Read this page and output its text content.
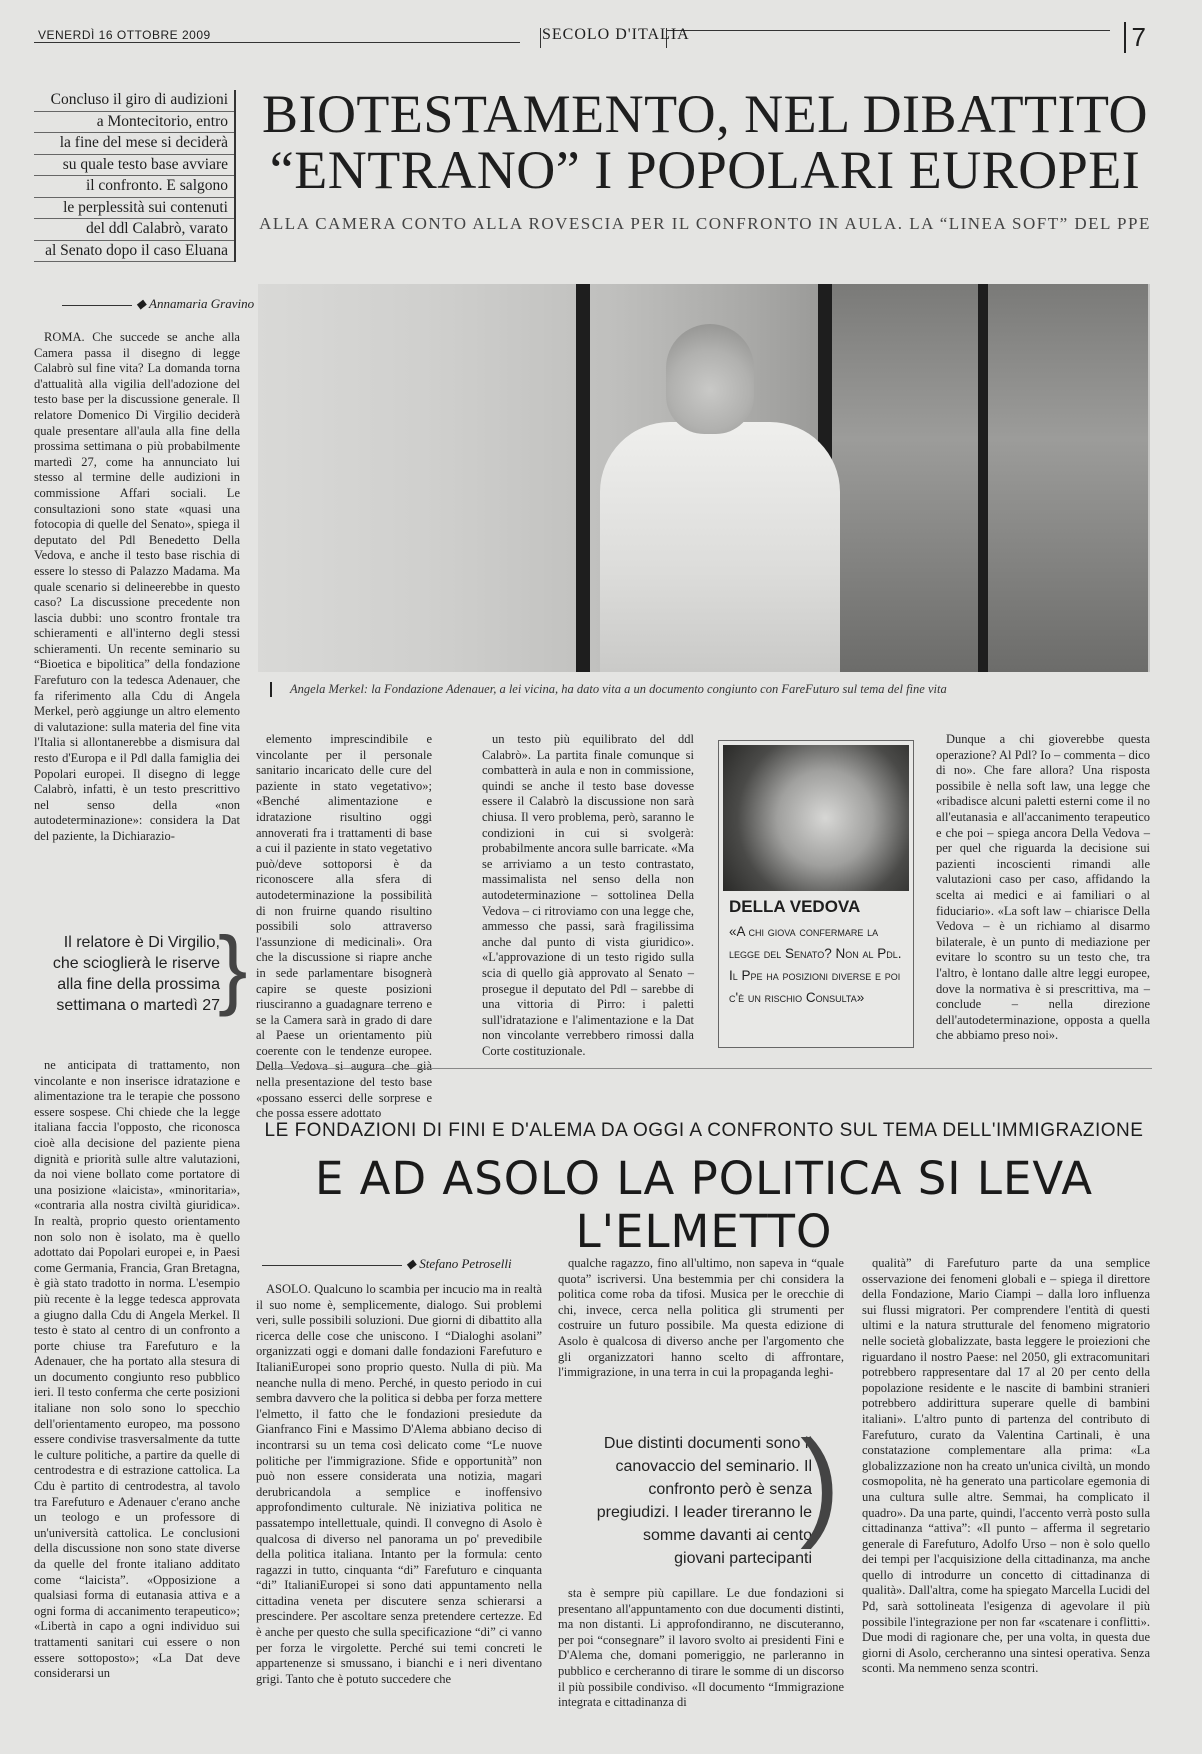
VENERDÌ 16 OTTOBRE 2009	SECOLO D'ITALIA	7
Concluso il giro di audizioni
a Montecitorio, entro
la fine del mese si deciderà
su quale testo base avviare
il confronto. E salgono
le perplessità sui contenuti
del ddl Calabrò, varato
al Senato dopo il caso Eluana
BIOTESTAMENTO, NEL DIBATTITO
“ENTRANO” I POPOLARI EUROPEI
ALLA CAMERA CONTO ALLA ROVESCIA PER IL CONFRONTO IN AULA. LA “LINEA SOFT” DEL PPE
◆ Annamaria Gravino

ROMA. Che succede se anche alla Camera passa il disegno di legge Calabrò sul fine vita? La domanda torna d'attualità alla vigilia dell'adozione del testo base per la discussione generale. Il relatore Domenico Di Virgilio deciderà quale presentare all'aula alla fine della prossima settimana o più probabilmente martedì 27, come ha annunciato lui stesso al termine delle audizioni in commissione Affari sociali. Le consultazioni sono state «quasi una fotocopia di quelle del Senato», spiega il deputato del Pdl Benedetto Della Vedova, e anche il testo base rischia di essere lo stesso di Palazzo Madama. Ma quale scenario si delineerebbe in questo caso? La discussione precedente non lascia dubbi: uno scontro frontale tra schieramenti e all'interno degli stessi schieramenti. Un recente seminario su “Bioetica e bipolitica” della fondazione Farefuturo con la tedesca Adenauer, che fa riferimento alla Cdu di Angela Merkel, però aggiunge un altro elemento di valutazione: sulla materia del fine vita l'Italia si allontanerebbe a dismisura dal resto d'Europa e il Pdl dalla famiglia dei Popolari europei. Il disegno di legge Calabrò, infatti, è un testo prescrittivo nel senso della «non autodeterminazione»: considera la Dat del paziente, la Dichiarazio-

Il relatore è Di Virgilio, che scioglierà le riserve alla fine della prossima settimana o martedì 27
}

ne anticipata di trattamento, non vincolante e non inserisce idratazione e alimentazione tra le terapie che possono essere sospese. Chi chiede che la legge italiana faccia l'opposto, che riconosca cioè alla decisione del paziente piena dignità e priorità sulle altre valutazioni, da noi viene bollato come portatore di una posizione «laicista», «minoritaria», «contraria alla nostra civiltà giuridica». In realtà, proprio questo orientamento non solo non è isolato, ma è quello adottato dai Popolari europei e, in Paesi come Germania, Francia, Gran Bretagna, è già stato tradotto in norma. L'esempio più recente è la legge tedesca approvata a giugno dalla Cdu di Angela Merkel. Il testo è stato al centro di un confronto a porte chiuse tra Farefuturo e la Adenauer, che ha portato alla stesura di un documento congiunto reso pubblico ieri. Il testo conferma che certe posizioni italiane non solo sono lo specchio dell'orientamento europeo, ma possono essere condivise trasversalmente da tutte le culture politiche, a partire da quelle di centrodestra e di estrazione cattolica. La Cdu è partito di centrodestra, al tavolo tra Farefuturo e Adenauer c'erano anche un teologo e un professore di un'università cattolica. Le conclusioni della discussione non sono state diverse da quelle del fronte italiano additato come “laicista”. «Opposizione a qualsiasi forma di eutanasia attiva e a ogni forma di accanimento terapeutico»; «Libertà in capo a ogni individuo sui trattamenti sanitari cui essere o non essere sottoposto»; «La Dat deve considerarsi un

Angela Merkel: la Fondazione Adenauer, a lei vicina, ha dato vita a un documento congiunto con FareFuturo sul tema del fine vita

elemento imprescindibile e vincolante per il personale sanitario incaricato delle cure del paziente in stato vegetativo»; «Benché alimentazione e idratazione risultino oggi annoverati fra i trattamenti di base a cui il paziente in stato vegetativo può/deve sottoporsi è da riconoscere alla sfera di autodeterminazione la possibilità di non fruirne quando risultino possibili solo attraverso l'assunzione di medicinali». Ora che la discussione si riapre anche in sede parlamentare bisognerà capire se queste posizioni riusciranno a guadagnare terreno e se la Camera sarà in grado di dare al Paese un orientamento più coerente con le tendenze europee. Della Vedova si augura che già nella presentazione del testo base «possano esserci delle sorprese e che possa essere adottato

un testo più equilibrato del ddl Calabrò». La partita finale comunque si combatterà in aula e non in commissione, quindi se anche il testo base dovesse essere il Calabrò la discussione non sarà chiusa. Il vero problema, però, saranno le condizioni in cui si svolgerà: probabilmente ancora sulle barricate. «Ma se arriviamo a un testo contrastato, massimalista nel senso della non autodeterminazione – sottolinea Della Vedova – ci ritroviamo con una legge che, ammesso che passi, sarà fragilissima anche dal punto di vista giuridico». «L'approvazione di un testo rigido sulla scia di quello già approvato al Senato – prosegue il deputato del Pdl – sarebbe di una vittoria di Pirro: i paletti sull'idratazione e l'alimentazione e la Dat non vincolante verrebbero rimossi dalla Corte costituzionale.

DELLA VEDOVA
«A chi giova confermare la legge del Senato? Non al Pdl. Il Ppe ha posizioni diverse e poi c'è un rischio Consulta»

Dunque a chi gioverebbe questa operazione? Al Pdl? Io – commenta – dico di no». Che fare allora? Una risposta possibile è nella soft law, una legge che «ribadisce alcuni paletti esterni come il no all'eutanasia e all'accanimento terapeutico e che poi – spiega ancora Della Vedova – per quel che riguarda la decisione sui pazienti incoscienti rimandi alle valutazioni caso per caso, affidando la scelta ai medici e ai familiari o al fiduciario». «La soft law – chiarisce Della Vedova – è un richiamo al disarmo bilaterale, è un punto di mediazione per evitare lo scontro su un testo che, tra l'altro, è lontano dalle altre leggi europee, dove la normativa è si prescrittiva, ma – conclude – nella direzione dell'autodeterminazione, opposta a quella che abbiamo preso noi».

LE FONDAZIONI DI FINI E D'ALEMA DA OGGI A CONFRONTO SUL TEMA DELL'IMMIGRAZIONE
E AD ASOLO LA POLITICA SI LEVA L'ELMETTO
◆ Stefano Petroselli

ASOLO. Qualcuno lo scambia per incucio ma in realtà il suo nome è, semplicemente, dialogo. Sui problemi veri, sulle possibili soluzioni. Due giorni di dibattito alla ricerca delle cose che uniscono. I “Dialoghi asolani” organizzati oggi e domani dalle fondazioni Farefuturo e ItalianiEuropei sono proprio questo. Nulla di più. Ma neanche nulla di meno. Perché, in questo periodo in cui sembra davvero che la politica si debba per forza mettere l'elmetto, il fatto che le fondazioni presiedute da Gianfranco Fini e Massimo D'Alema abbiano deciso di incontrarsi su un tema così delicato come “Le nuove politiche per l'immigrazione. Sfide e opportunità” non può non essere considerata una notizia, magari derubricandola a semplice e inoffensivo approfondimento culturale. Nè iniziativa politica ne passatempo intellettuale, quindi. Il convegno di Asolo è qualcosa di diverso nel panorama un po' prevedibile della politica italiana. Intanto per la formula: cento ragazzi in tutto, cinquanta “di” Farefuturo e cinquanta “di” ItalianiEuropei si sono dati appuntamento nella cittadina veneta per discutere senza schierarsi a prescindere. Per ascoltare senza pretendere certezze. Ed è anche per questo che sulla specificazione “di” ci vanno per forza le virgolette. Perché sui temi concreti le appartenenze si smussano, i bianchi e i neri diventano grigi. Tanto che è potuto succedere che

qualche ragazzo, fino all'ultimo, non sapeva in “quale quota” iscriversi. Una bestemmia per chi considera la politica come roba da tifosi. Musica per le orecchie di chi, invece, cerca nella politica gli strumenti per costruire un futuro possibile. Ma questa edizione di Asolo è qualcosa di diverso anche per l'argomento che gli organizzatori hanno scelto di affrontare, l'immigrazione, in una terra in cui la propaganda leghi-

Due distinti documenti sono il canovaccio del seminario. Il confronto però è senza pregiudizi. I leader tireranno le somme davanti ai cento giovani partecipanti
)

sta è sempre più capillare. Le due fondazioni si presentano all'appuntamento con due documenti distinti, ma non distanti. Li approfondiranno, ne discuteranno, per poi “consegnare” il lavoro svolto ai presidenti Fini e D'Alema che, domani pomeriggio, ne parleranno in pubblico e cercheranno di tirare le somme di un discorso il più possibile condiviso. «Il documento “Immigrazione integrata e cittadinanza di

qualità” di Farefuturo parte da una semplice osservazione dei fenomeni globali e – spiega il direttore della Fondazione, Mario Ciampi – dalla loro influenza sui flussi migratori. Per comprendere l'entità di questi ultimi e la natura strutturale del fenomeno migratorio nelle società globalizzate, basta leggere le proiezioni che riguardano il nostro Paese: nel 2050, gli extracomunitari potrebbero rappresentare dal 17 al 20 per cento della popolazione residente e le nascite di bambini stranieri potrebbero addirittura superare quelle di bambini italiani». L'altro punto di partenza del contributo di Farefuturo, curato da Valentina Cartinali, è una constatazione complementare alla prima: «La globalizzazione non ha creato un'unica civiltà, un mondo cosmopolita, nè ha generato una particolare egemonia di una cultura sulle altre. Semmai, ha complicato il quadro». Da una parte, quindi, l'accento verrà posto sulla cittadinanza “attiva”: «Il punto – afferma il segretario generale di Farefuturo, Adolfo Urso – non è solo quello dei tempi per l'acquisizione della cittadinanza, ma anche quello di introdurre un concetto di cittadinanza di qualità». Dall'altra, come ha spiegato Marcella Lucidi del Pd, sarà sottolineata l'esigenza di agevolare il più possibile l'integrazione per non far «scatenare i conflitti». Due modi di ragionare che, per una volta, in questa due giorni di Asolo, cercheranno una sintesi operativa. Senza sconti. Ma nemmeno senza scontri.
